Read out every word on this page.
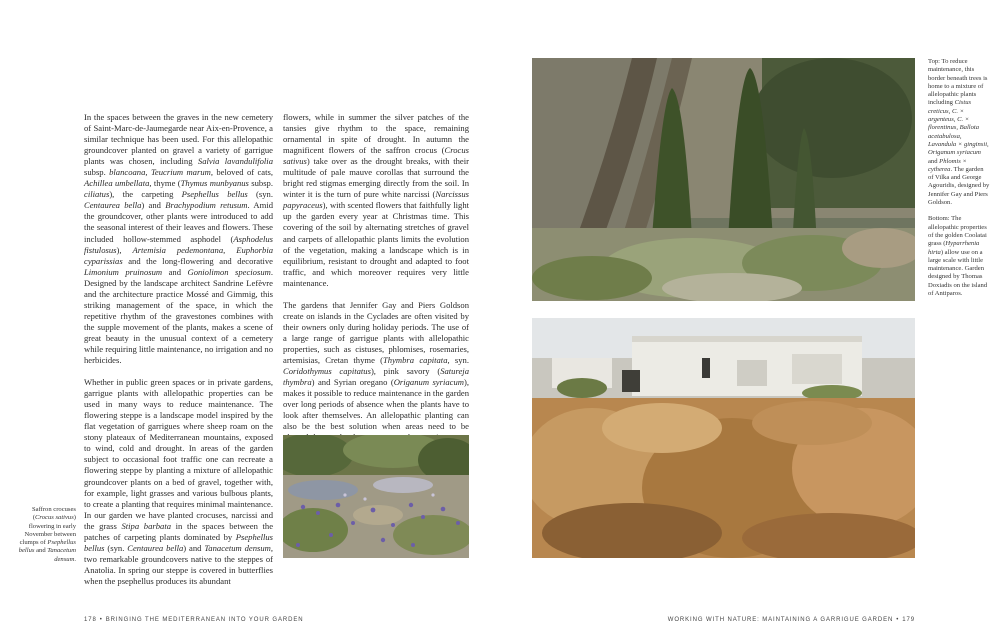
In the spaces between the graves in the new cemetery of Saint-Marc-de-Jaumegarde near Aix-en-Provence, a similar technique has been used. For this allelopathic groundcover planted on gravel a variety of garrigue plants was chosen, including Salvia lavandulifolia subsp. blancoana, Teucrium marum, beloved of cats, Achillea umbellata, thyme (Thymus munbyanus subsp. ciliatus), the carpeting Psephellus bellus (syn. Centaurea bella) and Brachypodium retusum. Amid the groundcover, other plants were introduced to add the seasonal interest of their leaves and flowers. These included hollow-stemmed asphodel (Asphodelus fistulosus), Artemisia pedemontana, Euphorbia cyparissias and the long-flowering and decorative Limonium pruinosum and Goniolimon speciosum. Designed by the landscape architect Sandrine Lefèvre and the architecture practice Mossé and Gimmig, this striking management of the space, in which the repetitive rhythm of the gravestones combines with the supple movement of the plants, makes a scene of great beauty in the unusual context of a cemetery while requiring little maintenance, no irrigation and no herbicides.

Whether in public green spaces or in private gardens, garrigue plants with allelopathic properties can be used in many ways to reduce maintenance. The flowering steppe is a landscape model inspired by the flat vegetation of garrigues where sheep roam on the stony plateaux of Mediterranean mountains, exposed to wind, cold and drought. In areas of the garden subject to occasional foot traffic one can recreate a flowering steppe by planting a mixture of allelopathic groundcover plants on a bed of gravel, together with, for example, light grasses and various bulbous plants, to create a planting that requires minimal maintenance. In our garden we have planted crocuses, narcissi and the grass Stipa barbata in the spaces between the patches of carpeting plants dominated by Psephellus bellus (syn. Centaurea bella) and Tanacetum densum, two remarkable groundcovers native to the steppes of Anatolia. In spring our steppe is covered in butterflies when the psephellus produces its abundant

flowers, while in summer the silver patches of the tansies give rhythm to the space, remaining ornamental in spite of drought. In autumn the magnificent flowers of the saffron crocus (Crocus sativus) take over as the drought breaks, with their multitude of pale mauve corollas that surround the bright red stigmas emerging directly from the soil. In winter it is the turn of pure white narcissi (Narcissus papyraceus), with scented flowers that faithfully light up the garden every year at Christmas time. This covering of the soil by alternating stretches of gravel and carpets of allelopathic plants limits the evolution of the vegetation, making a landscape which is in equilibrium, resistant to drought and adapted to foot traffic, and which moreover requires very little maintenance.

The gardens that Jennifer Gay and Piers Goldson create on islands in the Cyclades are often visited by their owners only during holiday periods. The use of a large range of garrigue plants with allelopathic properties, such as cistuses, phlomises, rosemaries, artemisias, Cretan thyme (Thymbra capitata, syn. Coridothymus capitatus), pink savory (Satureja thymbra) and Syrian oregano (Origanum syriacum), makes it possible to reduce maintenance in the garden over long periods of absence when the plants have to look after themselves. An allelopathic planting can also be the best solution when areas need to be

Saffron crocuses (Crocus sativus) flowering in early November between clumps of Psephellus bellus and Tanacetum densum.

Top: To reduce maintenance, this border beneath trees is home to a mixture of allelopathic plants including Cistus creticus, C. × argenteus, C. × florentinus, Ballota acetabulosa, Lavandula × ginginsii, Origanum syriacum and Phlomis × cytherea. The garden of Vilka and George Agouridis, designed by Jennifer Gay and Piers Goldson.

Bottom: The allelopathic properties of the golden Coolatai grass (Hyparrhenia hirta) allow use on a large scale with little maintenance. Garden designed by Thomas Doxiadis on the island of Antiparos.

178 • BRINGING THE MEDITERRANEAN INTO YOUR GARDEN	WORKING WITH NATURE: MAINTAINING A GARRIGUE GARDEN • 179
